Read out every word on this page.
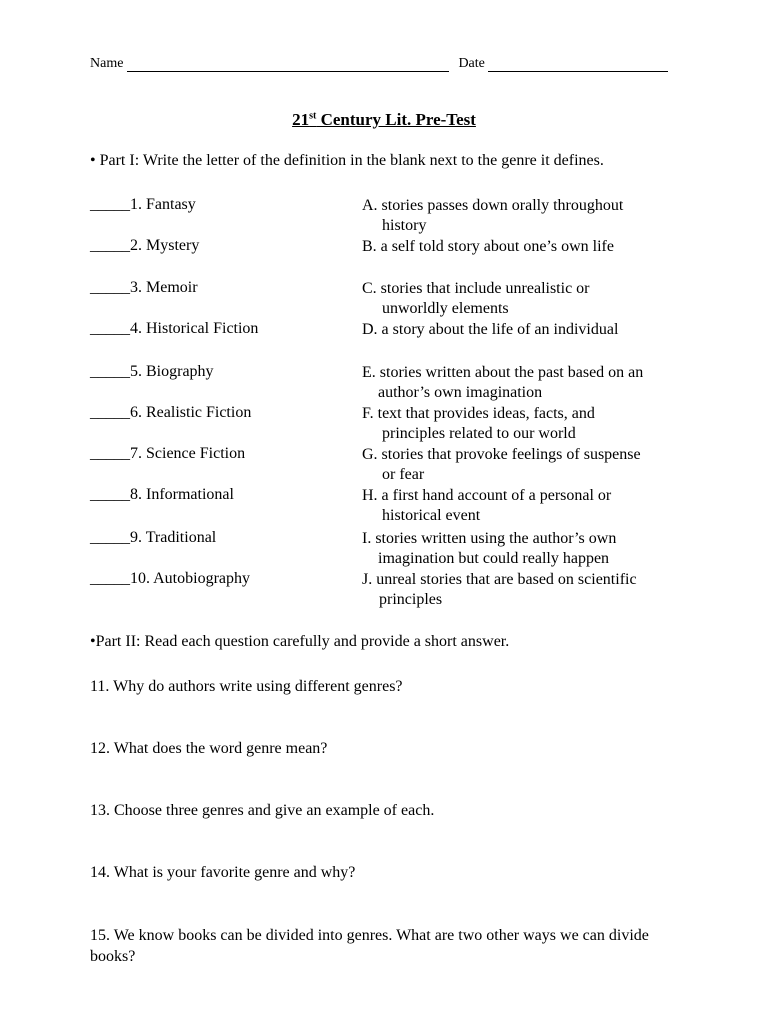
Name	Date
21st Century Lit. Pre-Test
• Part I: Write the letter of the definition in the blank next to the genre it defines.
_____1. Fantasy
_____2. Mystery
_____3. Memoir
_____4. Historical Fiction
_____5. Biography
_____6. Realistic Fiction
_____7. Science Fiction
_____8. Informational
_____9. Traditional
_____10. Autobiography
A. stories passes down orally throughout
history
B. a self told story about one’s own life
C. stories that include unrealistic or
unworldly elements
D. a story about the life of an individual
E. stories written about the past based on an
author’s own imagination
F. text that provides ideas, facts, and
principles related to our world
G. stories that provoke feelings of suspense
or fear
H. a first hand account of a personal or
historical event
I. stories written using the author’s own
imagination but could really happen
J. unreal stories that are based on scientific
principles
•Part II: Read each question carefully and provide a short answer.
11. Why do authors write using different genres?
12. What does the word genre mean?
13. Choose three genres and give an example of each.
14. What is your favorite genre and why?
15. We know books can be divided into genres. What are two other ways we can divide books?
